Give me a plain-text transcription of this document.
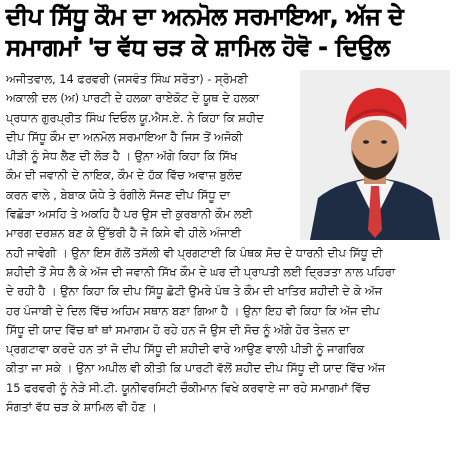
ਦੀਪ ਸਿੱਧੂ ਕੌਮ ਦਾ ਅਨਮੋਲ ਸਰਮਾਇਆ, ਅੱਜ ਦੇ
ਸਮਾਗਮਾਂ 'ਚ ਵੱਧ ਚੜ ਕੇ ਸ਼ਾਮਿਲ ਹੋਵੋ - ਦਿਉਲ

ਅਜੀਤਵਾਲ, 14 ਫਰਵਰੀ (ਜਸਵੰਤ ਸਿੰਘ ਸਰੋਤਾ) - ਸ੍ਰੋਮਣੀ

ਅਕਾਲੀ ਦਲ (ਅ) ਪਾਰਟੀ ਦੇ ਹਲਕਾ ਰਾਏਕੋਟ ਦੇ ਯੂਥ ਦੇ ਹਲਕਾ

ਪ੍ਰਧਾਨ ਗੁਰਪ੍ਰੀਤ ਸਿੰਘ ਦਿਓਲ ਯੂ.ਐਸ.ਏ. ਨੇ ਕਿਹਾ ਕਿ ਸ਼ਹੀਦ

ਦੀਪ ਸਿੱਧੂ ਕੌਮ ਦਾ ਅਨਮੋਲ ਸਰਮਾਇਆ ਹੈ ਜਿਸ ਤੋਂ ਅਜੋਕੀ

ਪੀੜੀ ਨੂੰ ਸੇਧ ਲੈਣ ਦੀ ਲੋੜ ਹੈ । ਉਨਾ ਅੱਗੇ ਕਿਹਾ ਕਿ ਸਿੱਖ

ਕੌਮ ਦੀ ਜਵਾਨੀ ਦੇ ਨਾਇਕ, ਕੌਮ ਦੇ ਹੱਕ ਵਿੱਚ ਅਵਾਜ਼ ਬੁਲੰਦ

ਕਰਨ ਵਾਲੇ , ਬੇਬਾਕ ਯੋਧੇ ਤੇ ਰੰਗੀਲੇ ਸੱਜਣ ਦੀਪ ਸਿੱਧੂ ਦਾ

ਵਿਛੋੜਾ ਅਸਹਿ ਤੇ ਅਕਹਿ ਹੈ ਪਰ ਉਸ ਦੀ ਕੁਰਬਾਨੀ ਕੌਮ ਲਈ

ਮਾਰਗ ਦਰਸ਼ਨ ਬਣ ਕੇ ਉੱਭਰੀ ਹੈ ਜੋ ਕਿਸੇ ਵੀ ਹੀਲੇ ਅੰਜਾਈ

ਨਹੀ ਜਾਵੇਗੀ । ਉਨਾ ਇਸ ਗੱਲੋਂ ਤਸੱਲੀ ਵੀ ਪ੍ਰਗਟਾਈ ਕਿ ਪੰਥਕ ਸੋਚ ਦੇ ਧਾਰਨੀ ਦੀਪ ਸਿੱਧੂ ਦੀ

ਸ਼ਹੀਦੀ ਤੋਂ ਸੇਧ ਲੈ ਕੇ ਅੱਜ ਦੀ ਜਵਾਨੀ ਸਿੱਖ ਕੌਮ ਦੇ ਘਰ ਦੀ ਪ੍ਰਾਪਤੀ ਲਈ ਦ੍ਰਿੜਤਾ ਨਾਲ ਪਹਿਰਾ

ਦੇ ਰਹੀ ਹੈ । ਉਨਾ ਕਿਹਾ ਕਿ ਦੀਪ ਸਿੱਧੂ ਛੋਟੀ ਉਮਰੇ ਪੰਥ ਤੇ ਕੌਮ ਦੀ ਖਾਤਿਰ ਸ਼ਹੀਦੀ ਦੇ ਕੇ ਅੱਜ

ਹਰ ਪੰਜਾਬੀ ਦੇ ਦਿਲ ਵਿੱਚ ਅਹਿਮ ਸਥਾਨ ਬਣਾ ਗਿਆ ਹੈ । ਉਨਾ ਇਹ ਵੀ ਕਿਹਾ ਕਿ ਅੱਜ ਦੀਪ

ਸਿੱਧੂ ਦੀ ਯਾਦ ਵਿੱਚ ਥਾਂ ਥਾਂ ਸਮਾਗਮ ਹੋ ਰਹੇ ਹਨ ਜੋ ਉਸ ਦੀ ਸੋਚ ਨੂੰ ਅੱਗੇ ਹੋਰ ਤੇਜ਼ਨ ਦਾ

ਪ੍ਰਗਟਾਵਾ ਕਰਦੇ ਹਨ ਤਾਂ ਜੋ ਦੀਪ ਸਿੱਧੂ ਦੀ ਸ਼ਹੀਦੀ ਵਾਰੇ ਆਉਣ ਵਾਲੀ ਪੀੜੀ ਨੂੰ ਜਾਗਰਿਕ

ਕੀਤਾ ਜਾ ਸਕੇ । ਉਨਾ ਅਪੀਲ ਵੀ ਕੀਤੀ ਕਿ ਪਾਰਟੀ ਵੱਲੋਂ ਸ਼ਹੀਦ ਦੀਪ ਸਿੱਧੂ ਦੀ ਯਾਦ ਵਿੱਚ ਅੱਜ

15 ਫਰਵਰੀ ਨੂੰ ਨੇੜੇ ਸੀ.ਟੀ. ਯੂਨੀਵਰਸਿਟੀ ਚੌਕੀਮਾਨ ਵਿਖੇ ਕਰਵਾਏ ਜਾ ਰਹੇ ਸਮਾਗਮਾਂ ਵਿੱਚ

ਸੰਗਤਾਂ ਵੱਧ ਚੜ ਕੇ ਸ਼ਾਮਿਲ ਵੀ ਹੋਣ ।
